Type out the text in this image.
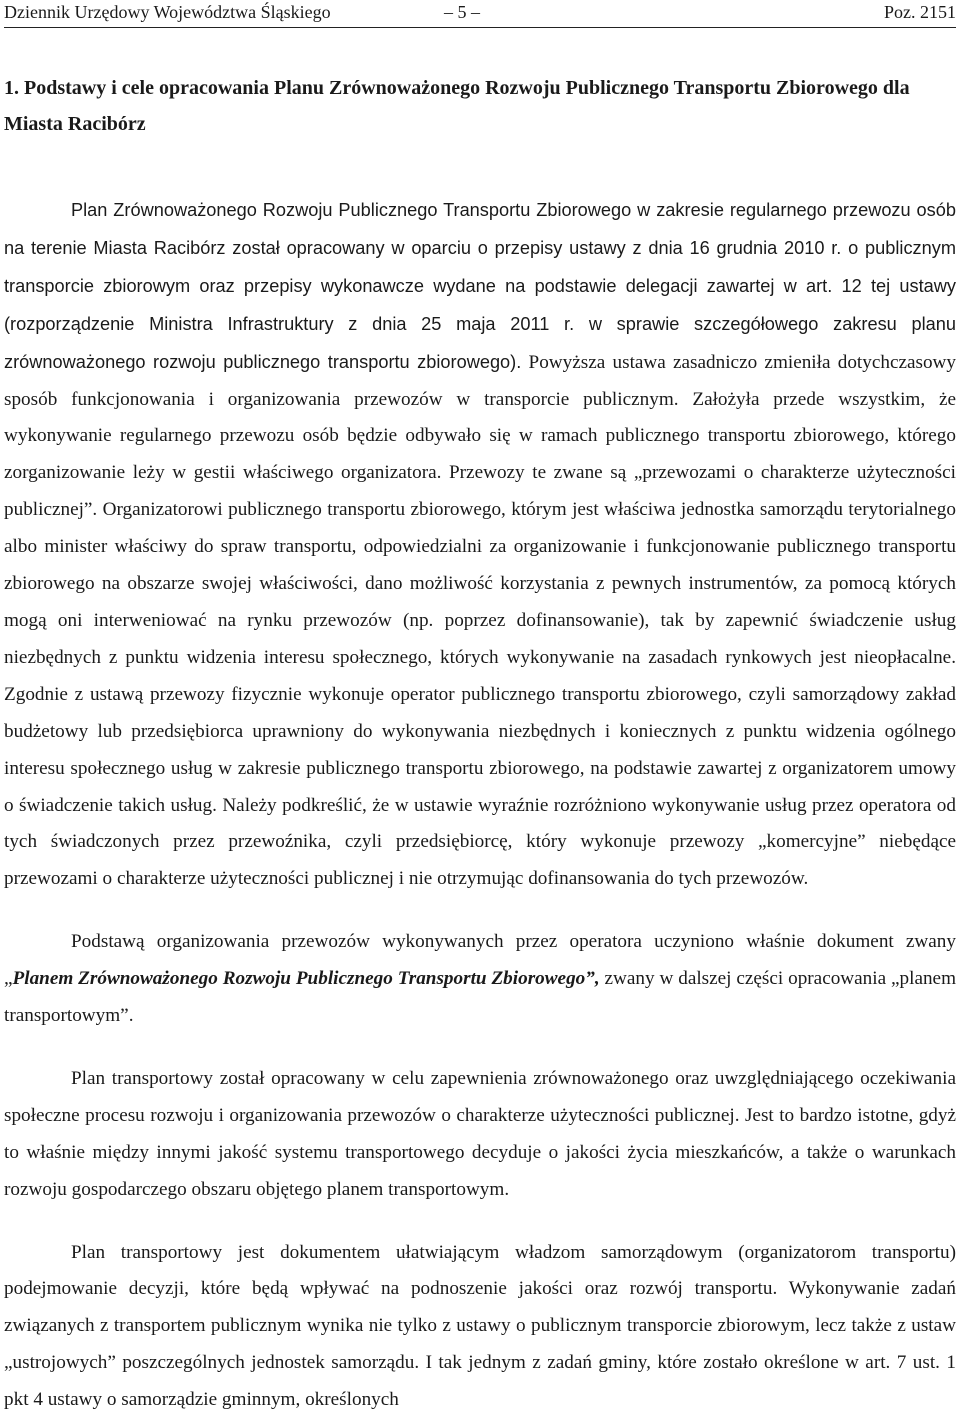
Dziennik Urzędowy Województwa Śląskiego	– 5 –	Poz. 2151
1. Podstawy i cele opracowania Planu Zrównoważonego Rozwoju Publicznego Transportu Zbiorowego dla Miasta Racibórz

Plan Zrównoważonego Rozwoju Publicznego Transportu Zbiorowego w zakresie regularnego przewozu osób na terenie Miasta Racibórz został opracowany w oparciu o przepisy ustawy z dnia 16 grudnia 2010 r. o publicznym transporcie zbiorowym oraz przepisy wykonawcze wydane na podstawie delegacji zawartej w art. 12 tej ustawy (rozporządzenie Ministra Infrastruktury z dnia 25 maja 2011 r. w sprawie szczegółowego zakresu planu zrównoważonego rozwoju publicznego transportu zbiorowego). Powyższa ustawa zasadniczo zmieniła dotychczasowy sposób funkcjonowania i organizowania przewozów w transporcie publicznym. Założyła przede wszystkim, że wykonywanie regularnego przewozu osób będzie odbywało się w ramach publicznego transportu zbiorowego, którego zorganizowanie leży w gestii właściwego organizatora. Przewozy te zwane są „przewozami o charakterze użyteczności publicznej”. Organizatorowi publicznego transportu zbiorowego, którym jest właściwa jednostka samorządu terytorialnego albo minister właściwy do spraw transportu, odpowiedzialni za organizowanie i funkcjonowanie publicznego transportu zbiorowego na obszarze swojej właściwości, dano możliwość korzystania z pewnych instrumentów, za pomocą których mogą oni interweniować na rynku przewozów (np. poprzez dofinansowanie), tak by zapewnić świadczenie usług niezbędnych z punktu widzenia interesu społecznego, których wykonywanie na zasadach rynkowych jest nieopłacalne. Zgodnie z ustawą przewozy fizycznie wykonuje operator publicznego transportu zbiorowego, czyli samorządowy zakład budżetowy lub przedsiębiorca uprawniony do wykonywania niezbędnych i koniecznych z punktu widzenia ogólnego interesu społecznego usług w zakresie publicznego transportu zbiorowego, na podstawie zawartej z organizatorem umowy o świadczenie takich usług. Należy podkreślić, że w ustawie wyraźnie rozróżniono wykonywanie usług przez operatora od tych świadczonych przez przewoźnika, czyli przedsiębiorcę, który wykonuje przewozy „komercyjne” niebędące przewozami o charakterze użyteczności publicznej i nie otrzymując dofinansowania do tych przewozów.

Podstawą organizowania przewozów wykonywanych przez operatora uczyniono właśnie dokument zwany „Planem Zrównoważonego Rozwoju Publicznego Transportu Zbiorowego”, zwany w dalszej części opracowania „planem transportowym”.

Plan transportowy został opracowany w celu zapewnienia zrównoważonego oraz uwzględniającego oczekiwania społeczne procesu rozwoju i organizowania przewozów o charakterze użyteczności publicznej. Jest to bardzo istotne, gdyż to właśnie między innymi jakość systemu transportowego decyduje o jakości życia mieszkańców, a także o warunkach rozwoju gospodarczego obszaru objętego planem transportowym.

Plan transportowy jest dokumentem ułatwiającym władzom samorządowym (organizatorom transportu) podejmowanie decyzji, które będą wpływać na podnoszenie jakości oraz rozwój transportu. Wykonywanie zadań związanych z transportem publicznym wynika nie tylko z ustawy o publicznym transporcie zbiorowym, lecz także z ustaw „ustrojowych” poszczególnych jednostek samorządu. I tak jednym z zadań gminy, które zostało określone w art. 7 ust. 1 pkt 4 ustawy o samorządzie gminnym, określonych
